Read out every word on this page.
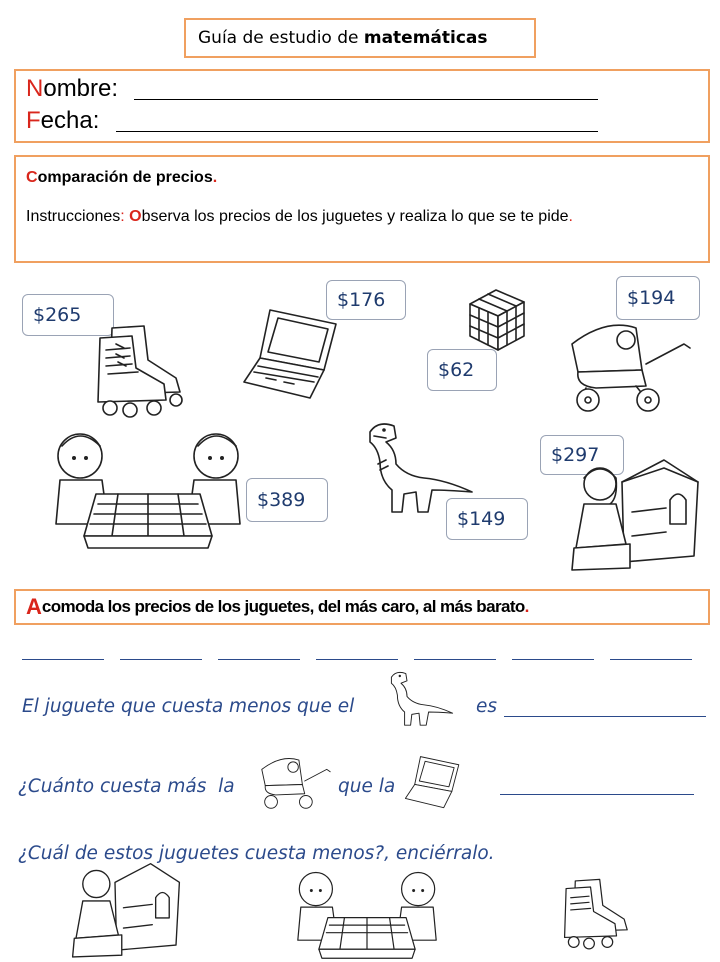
Guía de estudio de matemáticas
Nombre:
Fecha:
Comparación de precios.
Instrucciones: Observa los precios de los juguetes y realiza lo que se te pide.
$265
$176
$62
$194
$389
$149
$297
A comoda los precios de los juguetes, del más caro, al más barato .
El juguete que cuesta menos que el	es
¿Cuánto cuesta más  la	que la
¿Cuál de estos juguetes cuesta menos?, enciérralo.
